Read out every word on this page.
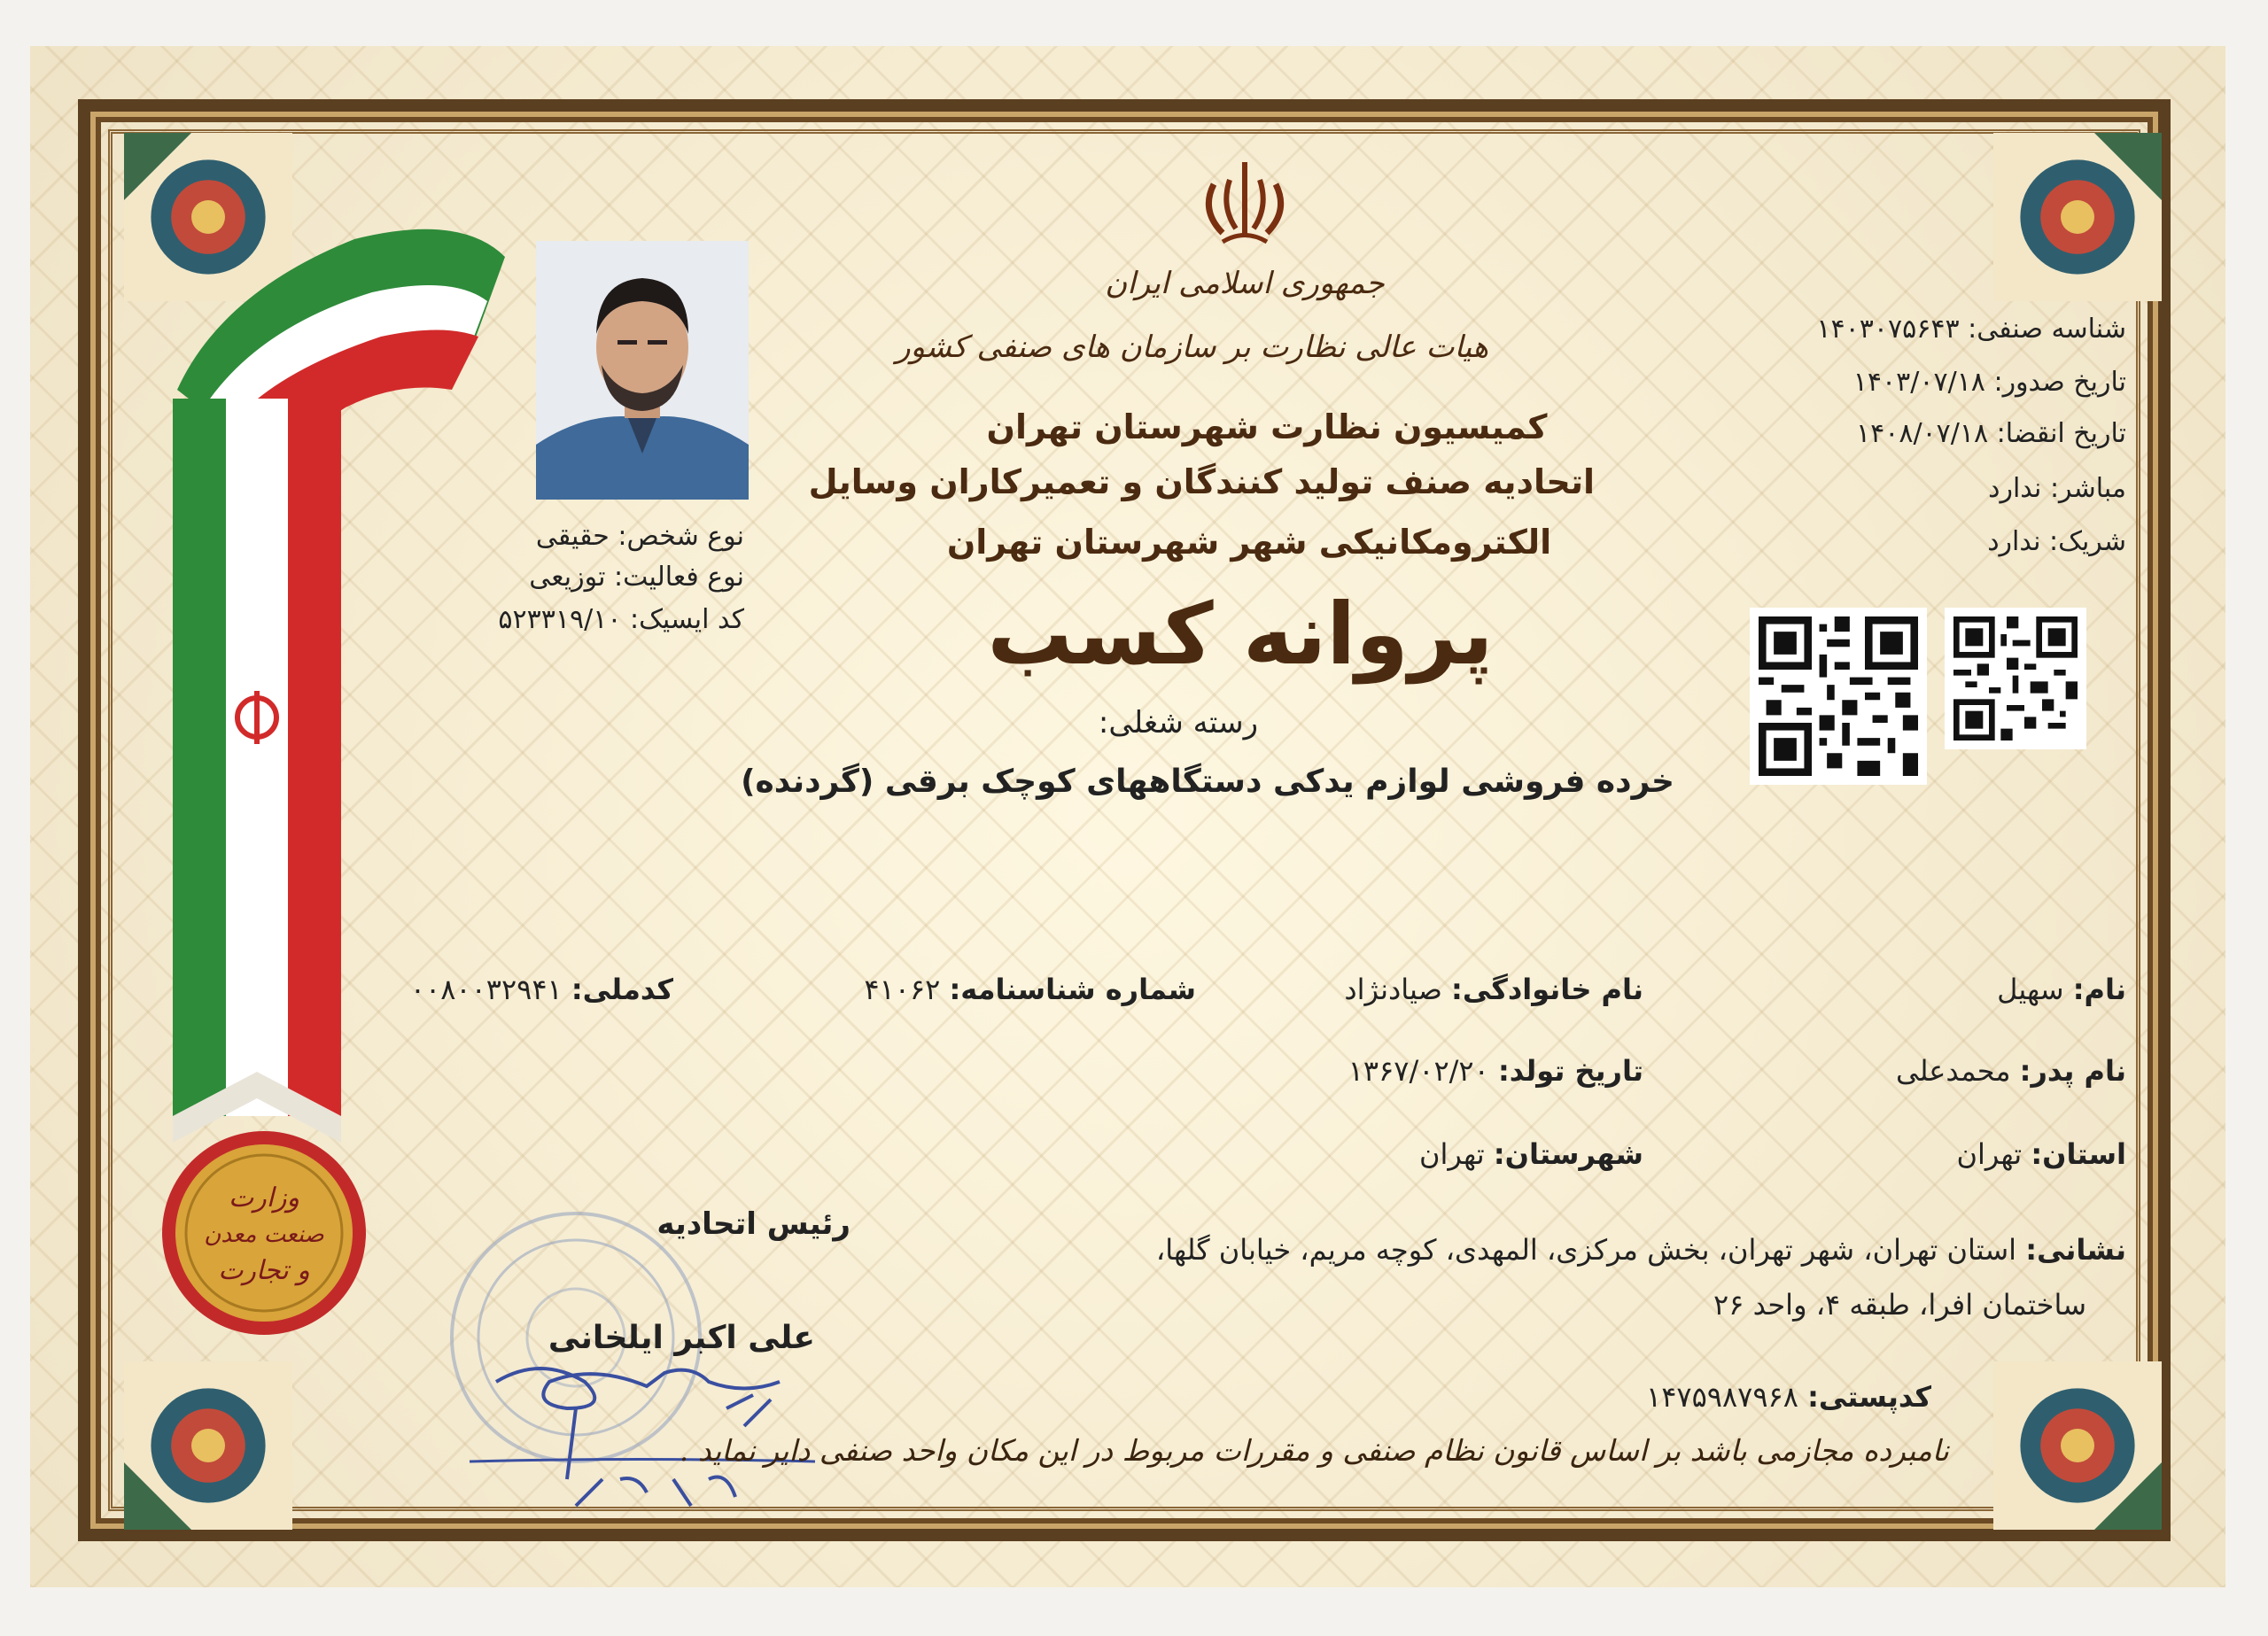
وزارت
صنعت معدن
و تجارت
جمهوری اسلامی ایران
هیات عالی نظارت بر سازمان های صنفی کشور
کمیسیون نظارت شهرستان تهران
اتحادیه صنف تولید کنندگان و تعمیرکاران وسایل
الکترومکانیکی شهر شهرستان تهران
پروانه کسب
رسته شغلی:
خرده فروشی لوازم یدکی دستگاههای کوچک برقی (گردنده)
نوع شخص: حقیقی
نوع فعالیت: توزیعی
کد ایسیک: ۵۲۳۳۱۹/۱۰
شناسه صنفی: ۱۴۰۳۰۷۵۶۴۳
تاریخ صدور: ۱۴۰۳/۰۷/۱۸
تاریخ انقضا: ۱۴۰۸/۰۷/۱۸
مباشر: ندارد
شریک: ندارد
نام: سهیل
نام خانوادگی: صیادنژاد
شماره شناسنامه: ۴۱۰۶۲
کدملی: ۰۰۸۰۰۳۲۹۴۱
نام پدر: محمدعلی
تاریخ تولد: ۱۳۶۷/۰۲/۲۰
استان: تهران
شهرستان: تهران
نشانی: استان تهران، شهر تهران، بخش مرکزی، المهدی، کوچه مریم، خیابان گلها،
ساختمان افرا، طبقه ۴، واحد ۲۶
کدپستی: ۱۴۷۵۹۸۷۹۶۸
رئیس اتحادیه
علی اکبر ایلخانی
نامبرده مجازمی باشد بر اساس قانون نظام صنفی و مقررات مربوط در این مکان واحد صنفی دایر نماید .
